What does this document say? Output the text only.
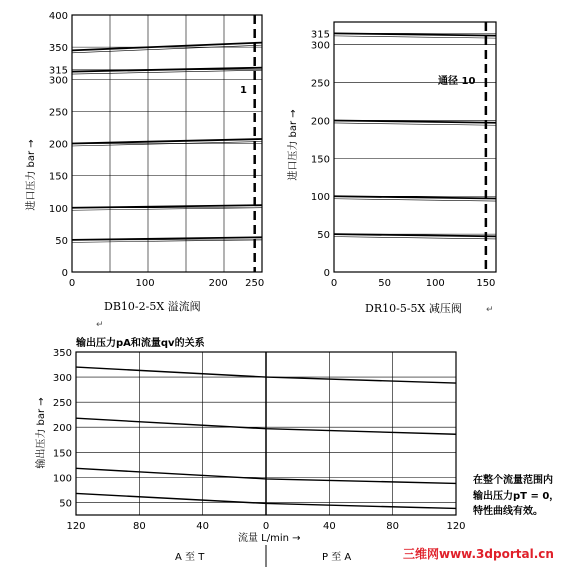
0
50
100
150
200
250
300
315
350
400
0	100	200 250
1
进口压力 bar →
DB10-2-5X 溢流阀
↵
0
50
100
150
200
250
300
315
0	50	100	150
通径 10
进口压力 bar →
DR10-5-5X 减压阀	↵
输出压力pA和流量qv的关系
50
100
150
200
250
300
350
120	80	40	0	40	80	120
输出压力 bar →
流量 L/min →
A 至 T	P 至 A
在整个流量范围内
输出压力pT = 0，
特性曲线有效。
三维网www.3dportal.cn
